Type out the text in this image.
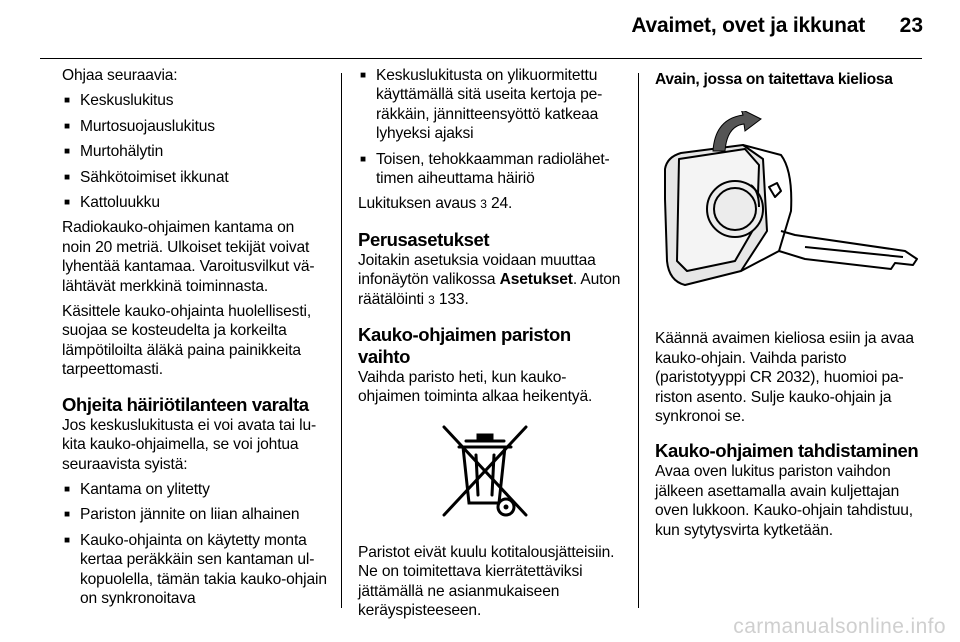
Avaimet, ovet ja ikkunat 23

Ohjaa seuraavia:

■ Keskuslukitus
■ Murtosuojauslukitus
■ Murtohälytin
■ Sähkötoimiset ikkunat
■ Kattoluukku

Radiokauko-ohjaimen kantama on noin 20 metriä. Ulkoiset tekijät voivat lyhentää kantamaa. Varoitusvilkut välähtävät merkkinä toiminnasta.

Käsittele kauko-ohjainta huolellisesti, suojaa se kosteudelta ja korkeilta lämpötiloilta äläkä paina painikkeita tarpeettomasti.

Ohjeita häiriötilanteen varalta

Jos keskuslukitusta ei voi avata tai lukita kauko-ohjaimella, se voi johtua seuraavista syistä:

■ Kantama on ylitetty
■ Pariston jännite on liian alhainen
■ Kauko-ohjainta on käytetty monta kertaa peräkkäin sen kantaman ulkopuolella, tämän takia kauko-ohjain on synkronoitava
■ Keskuslukitusta on ylikuormitettu käyttämällä sitä useita kertoja peräkkäin, jännitteensyöttö katkeaa lyhyeksi ajaksi
■ Toisen, tehokkaamman radiolähettimen aiheuttama häiriö

Lukituksen avaus 3 24.

Perusasetukset

Joitakin asetuksia voidaan muuttaa infonäytön valikossa Asetukset. Auton räätälöinti 3 133.

Kauko-ohjaimen pariston vaihto

Vaihda paristo heti, kun kauko-ohjaimen toiminta alkaa heikentyä.

Paristot eivät kuulu kotitalousjätteisiin. Ne on toimitettava kierrätettäviksi jättämällä ne asianmukaiseen keräyspisteeseen.

Avain, jossa on taitettava kieliosa

Käännä avaimen kieliosa esiin ja avaa kauko-ohjain. Vaihda paristo (paristotyyppi CR 2032), huomioi pariston asento. Sulje kauko-ohjain ja synkronoi se.

Kauko-ohjaimen tahdistaminen

Avaa oven lukitus pariston vaihdon jälkeen asettamalla avain kuljettajan oven lukkoon. Kauko-ohjain tahdistuu, kun sytytysvirta kytketään.

carmanualsonline.info
